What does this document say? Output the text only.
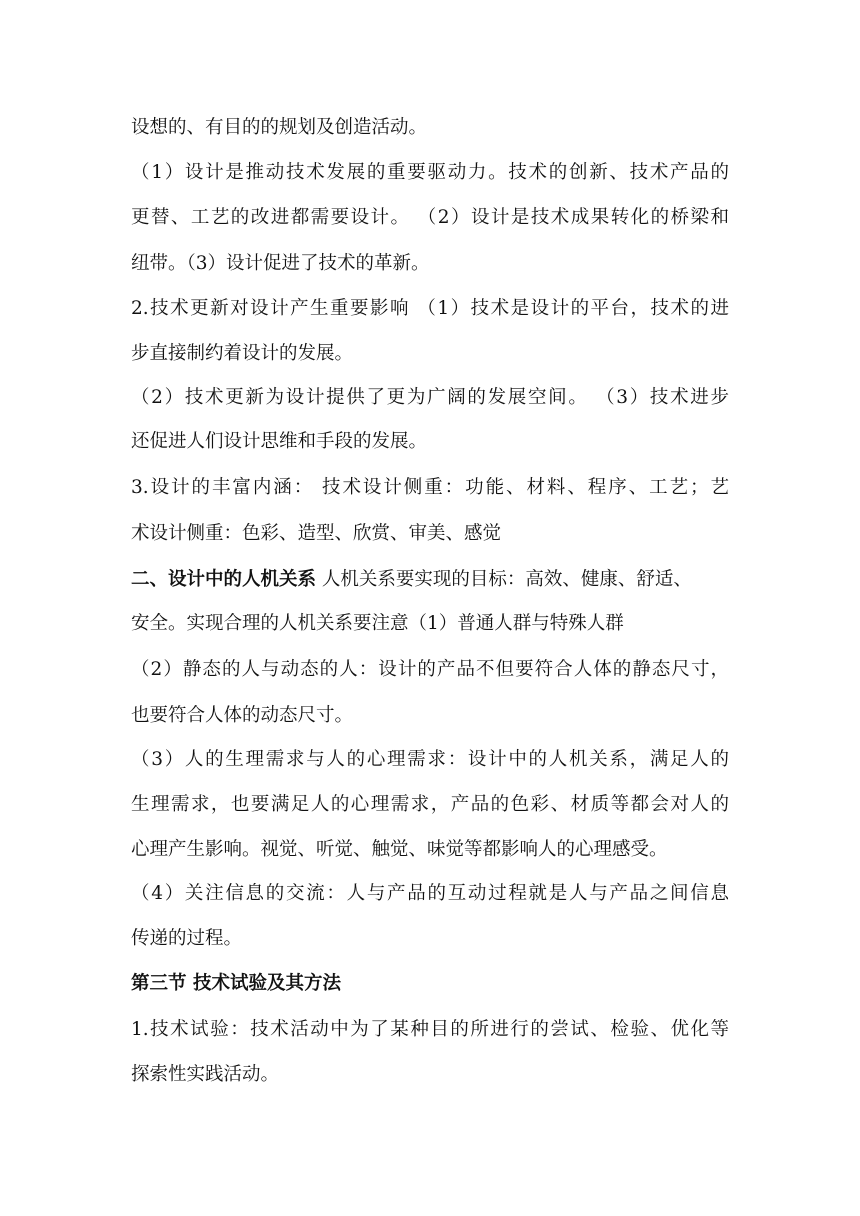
设想的、有目的的规划及创造活动。
（1）设计是推动技术发展的重要驱动力。技术的创新、技术产品的
更替、工艺的改进都需要设计。 （2）设计是技术成果转化的桥梁和
纽带。（3）设计促进了技术的革新。
2.技术更新对设计产生重要影响 （1）技术是设计的平台，技术的进
步直接制约着设计的发展。
（2）技术更新为设计提供了更为广阔的发展空间。 （3）技术进步
还促进人们设计思维和手段的发展。
3.设计的丰富内涵： 技术设计侧重：功能、材料、程序、工艺；艺
术设计侧重：色彩、造型、欣赏、审美、感觉
二、设计中的人机关系 人机关系要实现的目标：高效、健康、舒适、
安全。实现合理的人机关系要注意（1）普通人群与特殊人群
（2）静态的人与动态的人：设计的产品不但要符合人体的静态尺寸，
也要符合人体的动态尺寸。
（3）人的生理需求与人的心理需求：设计中的人机关系，满足人的
生理需求，也要满足人的心理需求，产品的色彩、材质等都会对人的
心理产生影响。视觉、听觉、触觉、味觉等都影响人的心理感受。
（4）关注信息的交流：人与产品的互动过程就是人与产品之间信息
传递的过程。
第三节 技术试验及其方法
1.技术试验：技术活动中为了某种目的所进行的尝试、检验、优化等
探索性实践活动。
